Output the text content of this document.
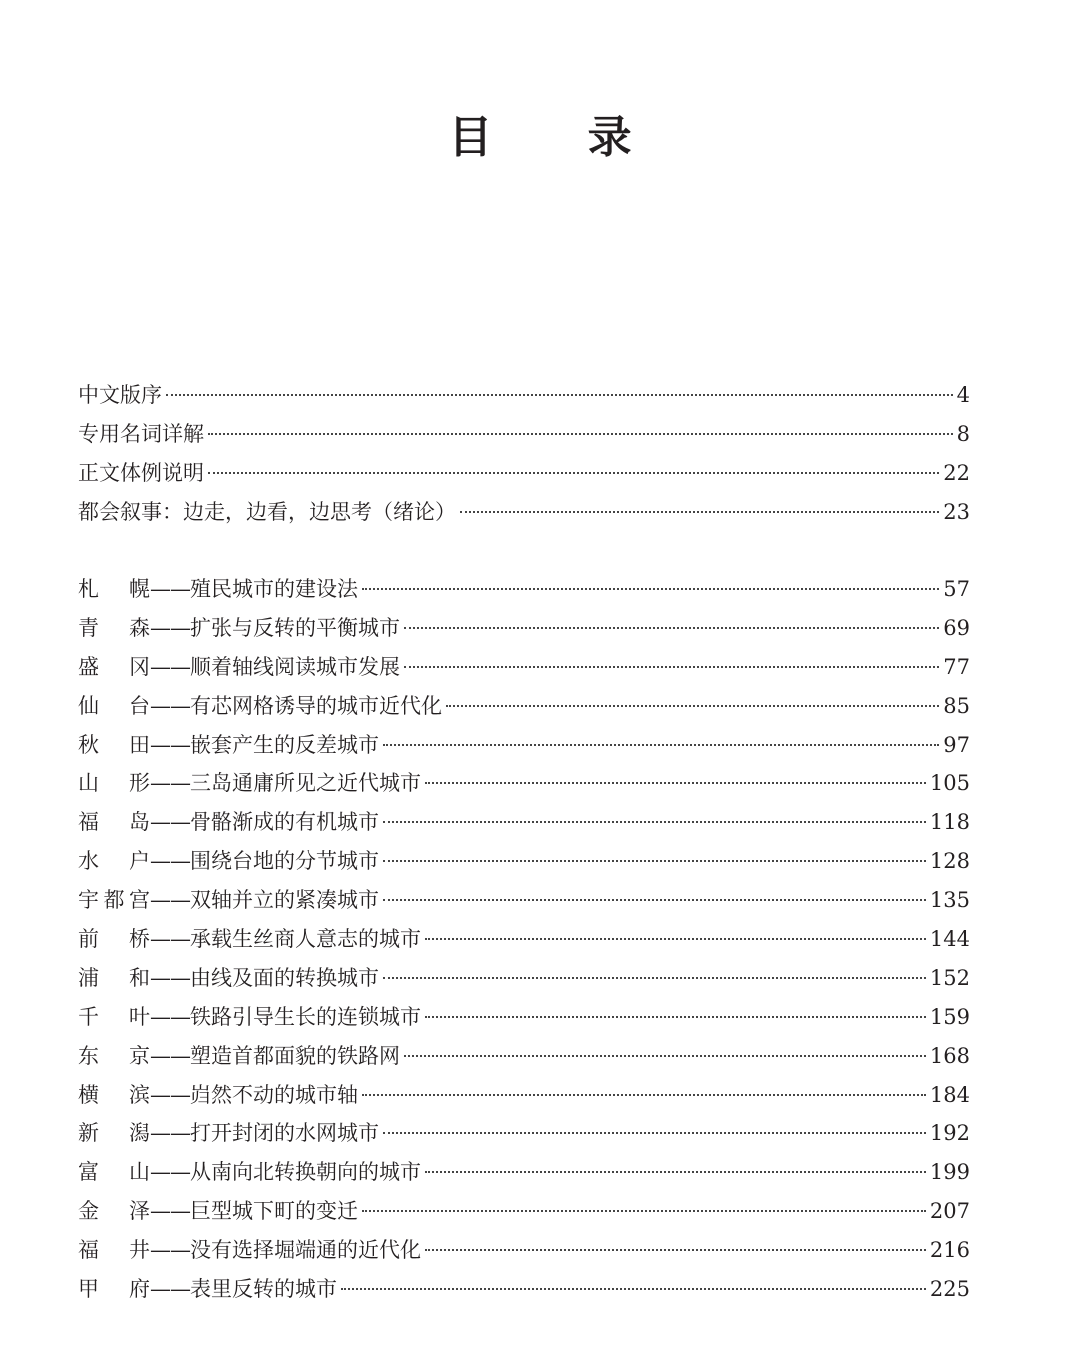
目 录
中文版序	4
专用名词详解	8
正文体例说明	22
都会叙事：边走，边看，边思考（绪论）	23
札幌——殖民城市的建设法	57
青森——扩张与反转的平衡城市	69
盛冈——顺着轴线阅读城市发展	77
仙台——有芯网格诱导的城市近代化	85
秋田——嵌套产生的反差城市	97
山形——三岛通庸所见之近代城市	105
福岛——骨骼渐成的有机城市	118
水户——围绕台地的分节城市	128
宇都宫——双轴并立的紧凑城市	135
前桥——承载生丝商人意志的城市	144
浦和——由线及面的转换城市	152
千叶——铁路引导生长的连锁城市	159
东京——塑造首都面貌的铁路网	168
横滨——岿然不动的城市轴	184
新潟——打开封闭的水网城市	192
富山——从南向北转换朝向的城市	199
金泽——巨型城下町的变迁	207
福井——没有选择堀端通的近代化	216
甲府——表里反转的城市	225
